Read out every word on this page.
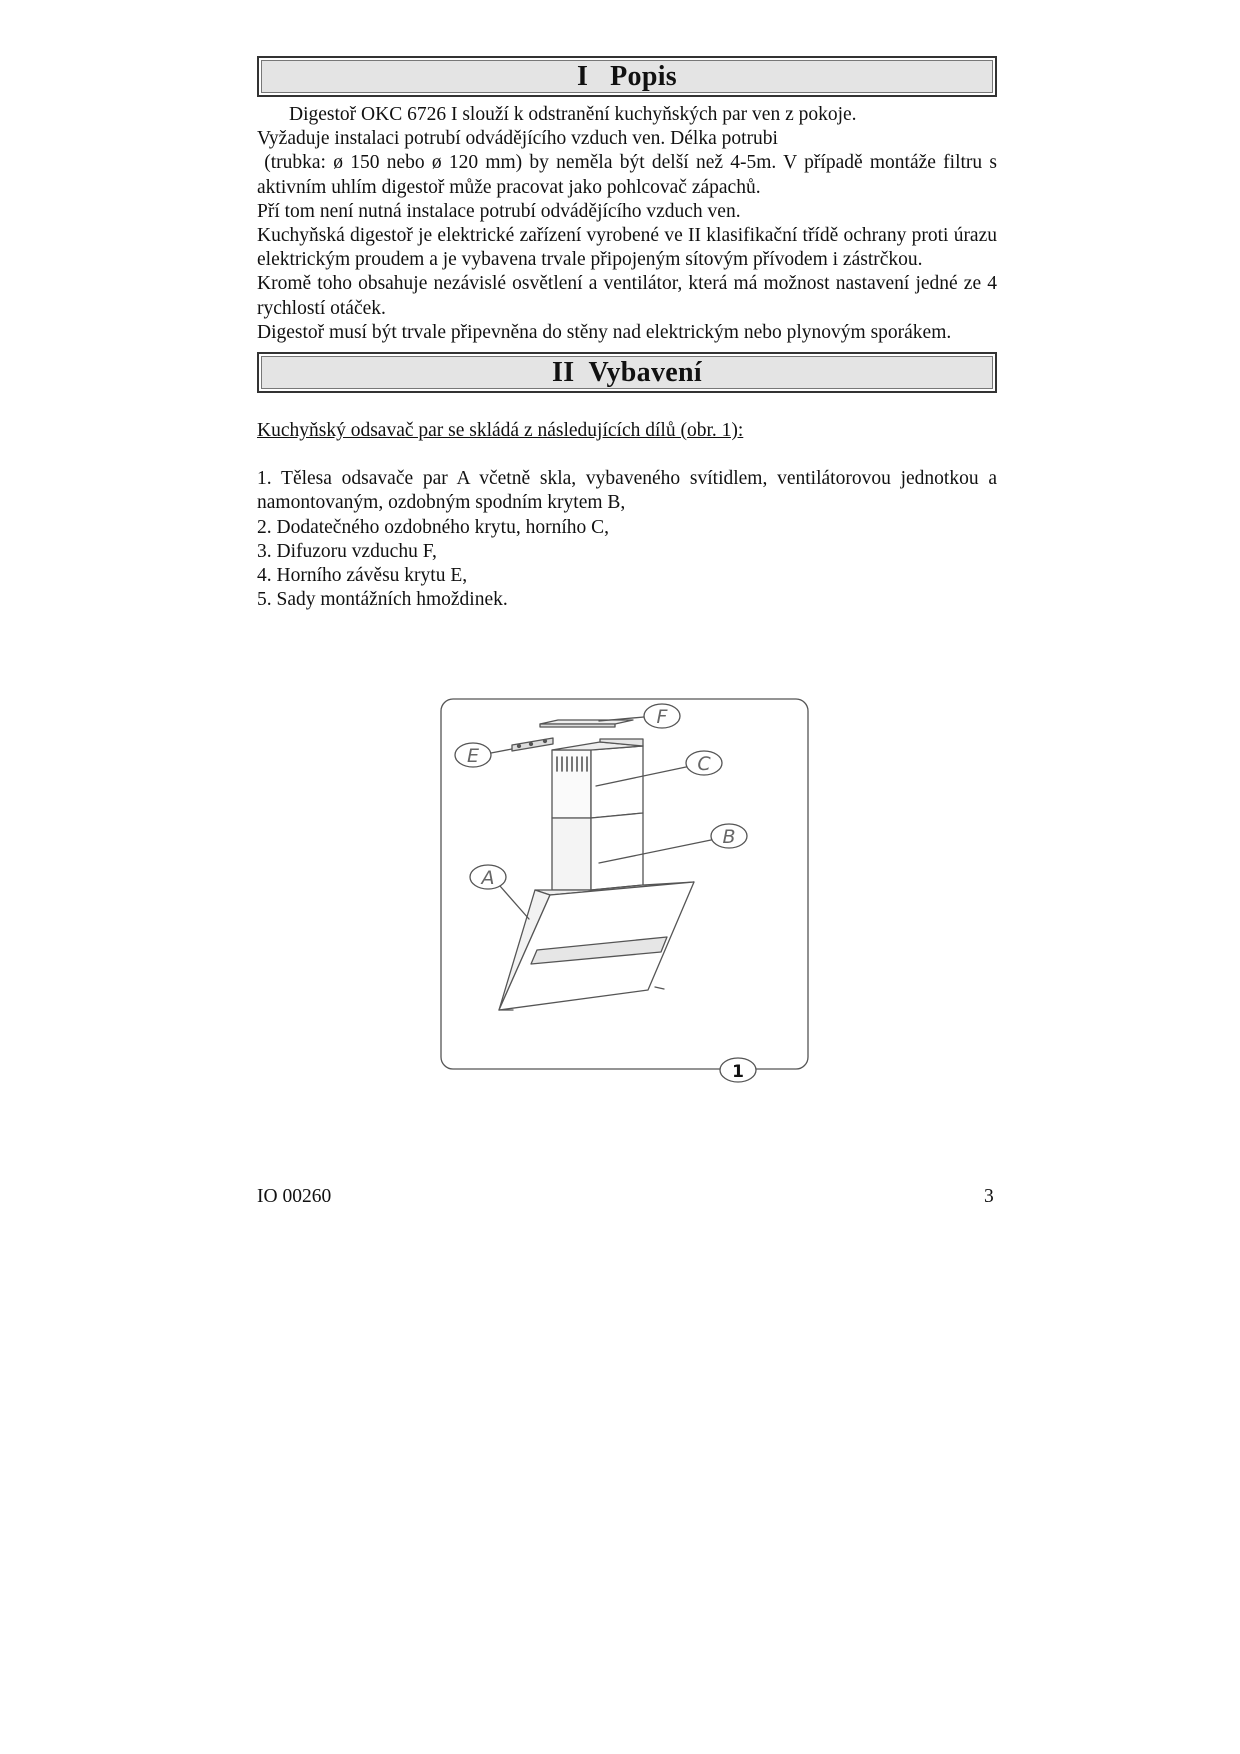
I   Popis

Digestoř OKC 6726 I slouží k odstranění kuchyňských par ven z pokoje.

Vyžaduje instalaci potrubí odvádějícího vzduch ven. Délka potrubi

(trubka: ø 150 nebo ø 120 mm) by neměla být delší než 4-5m. V případě montáže filtru s aktivním uhlím digestoř může pracovat jako pohlcovač zápachů.

Pří tom není nutná instalace potrubí odvádějícího vzduch ven.

Kuchyňská digestoř je elektrické zařízení vyrobené ve II klasifikační třídě ochrany proti úrazu elektrickým proudem a je vybavena trvale připojeným sítovým přívodem i zástrčkou.

Kromě toho obsahuje nezávislé osvětlení a ventilátor, která má možnost nastavení jedné ze 4 rychlostí otáček.

Digestoř musí být trvale připevněna do stěny nad elektrickým nebo plynovým sporákem.

II  Vybavení

Kuchyňský odsavač par se skládá z následujících dílů (obr. 1):

1. Tělesa odsavače par A včetně skla, vybaveného svítidlem, ventilátorovou jednotkou a namontovaným, ozdobným spodním krytem B,
2. Dodatečného ozdobného krytu, horního C,
3. Difuzoru vzduchu F,
4. Horního závěsu krytu E,
5. Sady montážních hmoždinek.
F
E	C
B
A
1
IO 00260	3
